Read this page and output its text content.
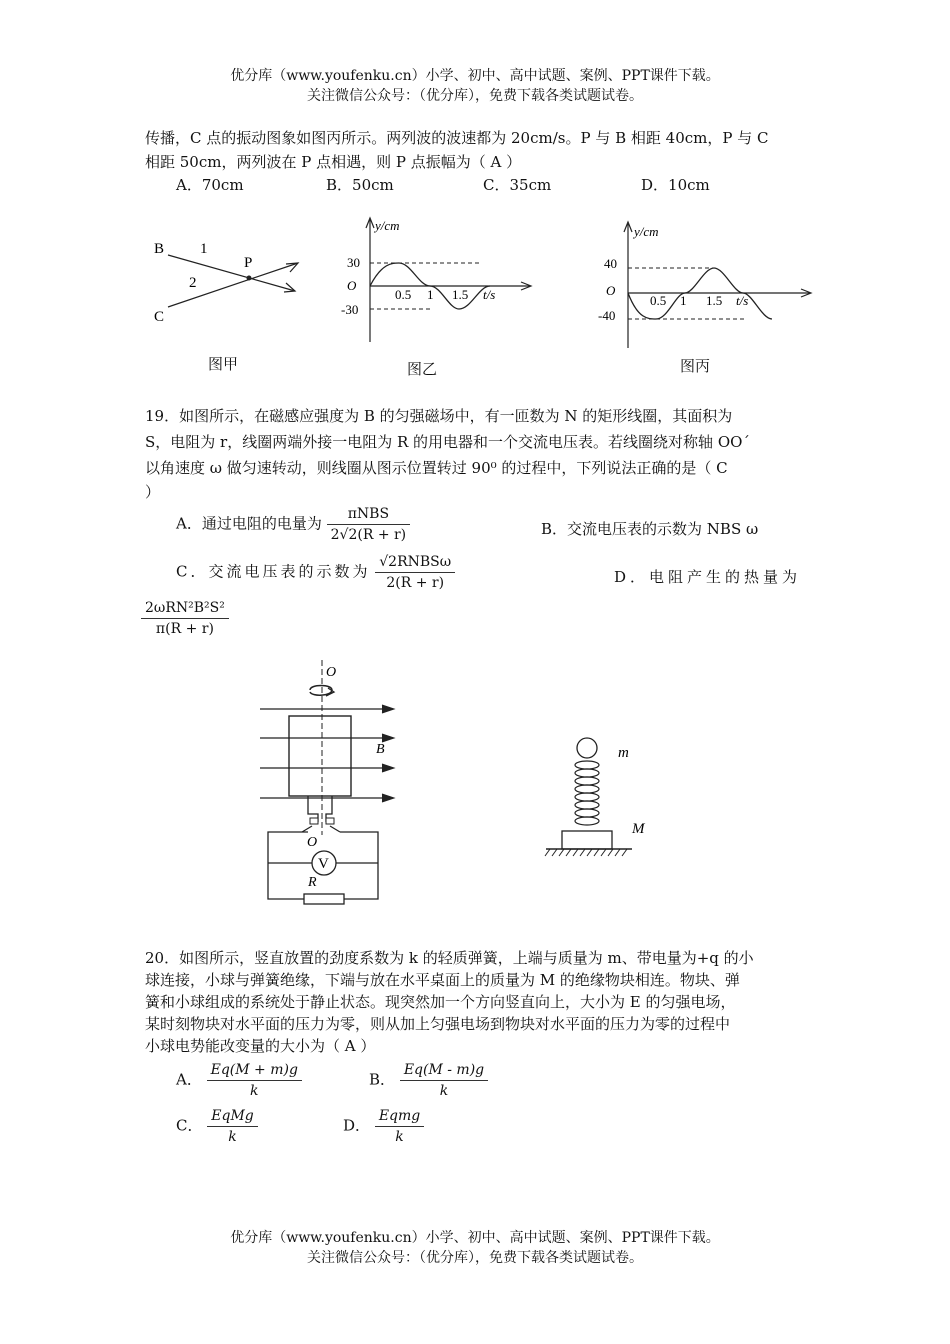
优分库（www.youfenku.cn）小学、初中、高中试题、案例、PPT课件下载。
关注微信公众号：（优分库），免费下载各类试题试卷。
传播，C 点的振动图象如图丙所示。两列波的波速都为 20cm/s。P 与 B 相距 40cm，P 与 C
相距 50cm，两列波在 P 点相遇，则 P 点振幅为（ A ）
A．70cm	B．50cm	C．35cm	D．10cm
B
C
P
1
2
图甲
y/cm
30
O
-30
0.5 1 1.5 t/s
图乙
y/cm
40
O
-40
0.5 1 1.5 t/s
图丙
19．如图所示，在磁感应强度为 B 的匀强磁场中，有一匝数为 N 的矩形线圈，其面积为
S，电阻为 r，线圈两端外接一电阻为 R 的用电器和一个交流电压表。若线圈绕对称轴 OO´
以角速度 ω 做匀速转动，则线圈从图示位置转过 90⁰ 的过程中，下列说法正确的是（ C
）
A．通过电阻的电量为 $\frac{\text{πNBS}}{2√2(R + r)}$	B．交流电压表的示数为 NBS ω
C．交流电压表的示数为 $\frac{\text{√2RNBSω}}{2(R + r)}$	D．电阻产生的热量为
$\frac{\text{2ωRN²B²S²}}{\pi(R + r)}$
O
B
O
V
R
m
M
20．如图所示，竖直放置的劲度系数为 k 的轻质弹簧，上端与质量为 m、带电量为+q 的小
球连接，小球与弹簧绝缘，下端与放在水平桌面上的质量为 M 的绝缘物块相连。物块、弹
簧和小球组成的系统处于静止状态。现突然加一个方向竖直向上，大小为 E 的匀强电场，
某时刻物块对水平面的压力为零，则从加上匀强电场到物块对水平面的压力为零的过程中
小球电势能改变量的大小为（ A ）
A． $\frac{Eq(M + m)g}{k}$	B． $\frac{Eq(M - m)g}{k}$
C． $\frac{\text{EqMg}}{k}$	D． $\frac{\text{Eqmg}}{k}$
优分库（www.youfenku.cn）小学、初中、高中试题、案例、PPT课件下载。
关注微信公众号：（优分库），免费下载各类试题试卷。
